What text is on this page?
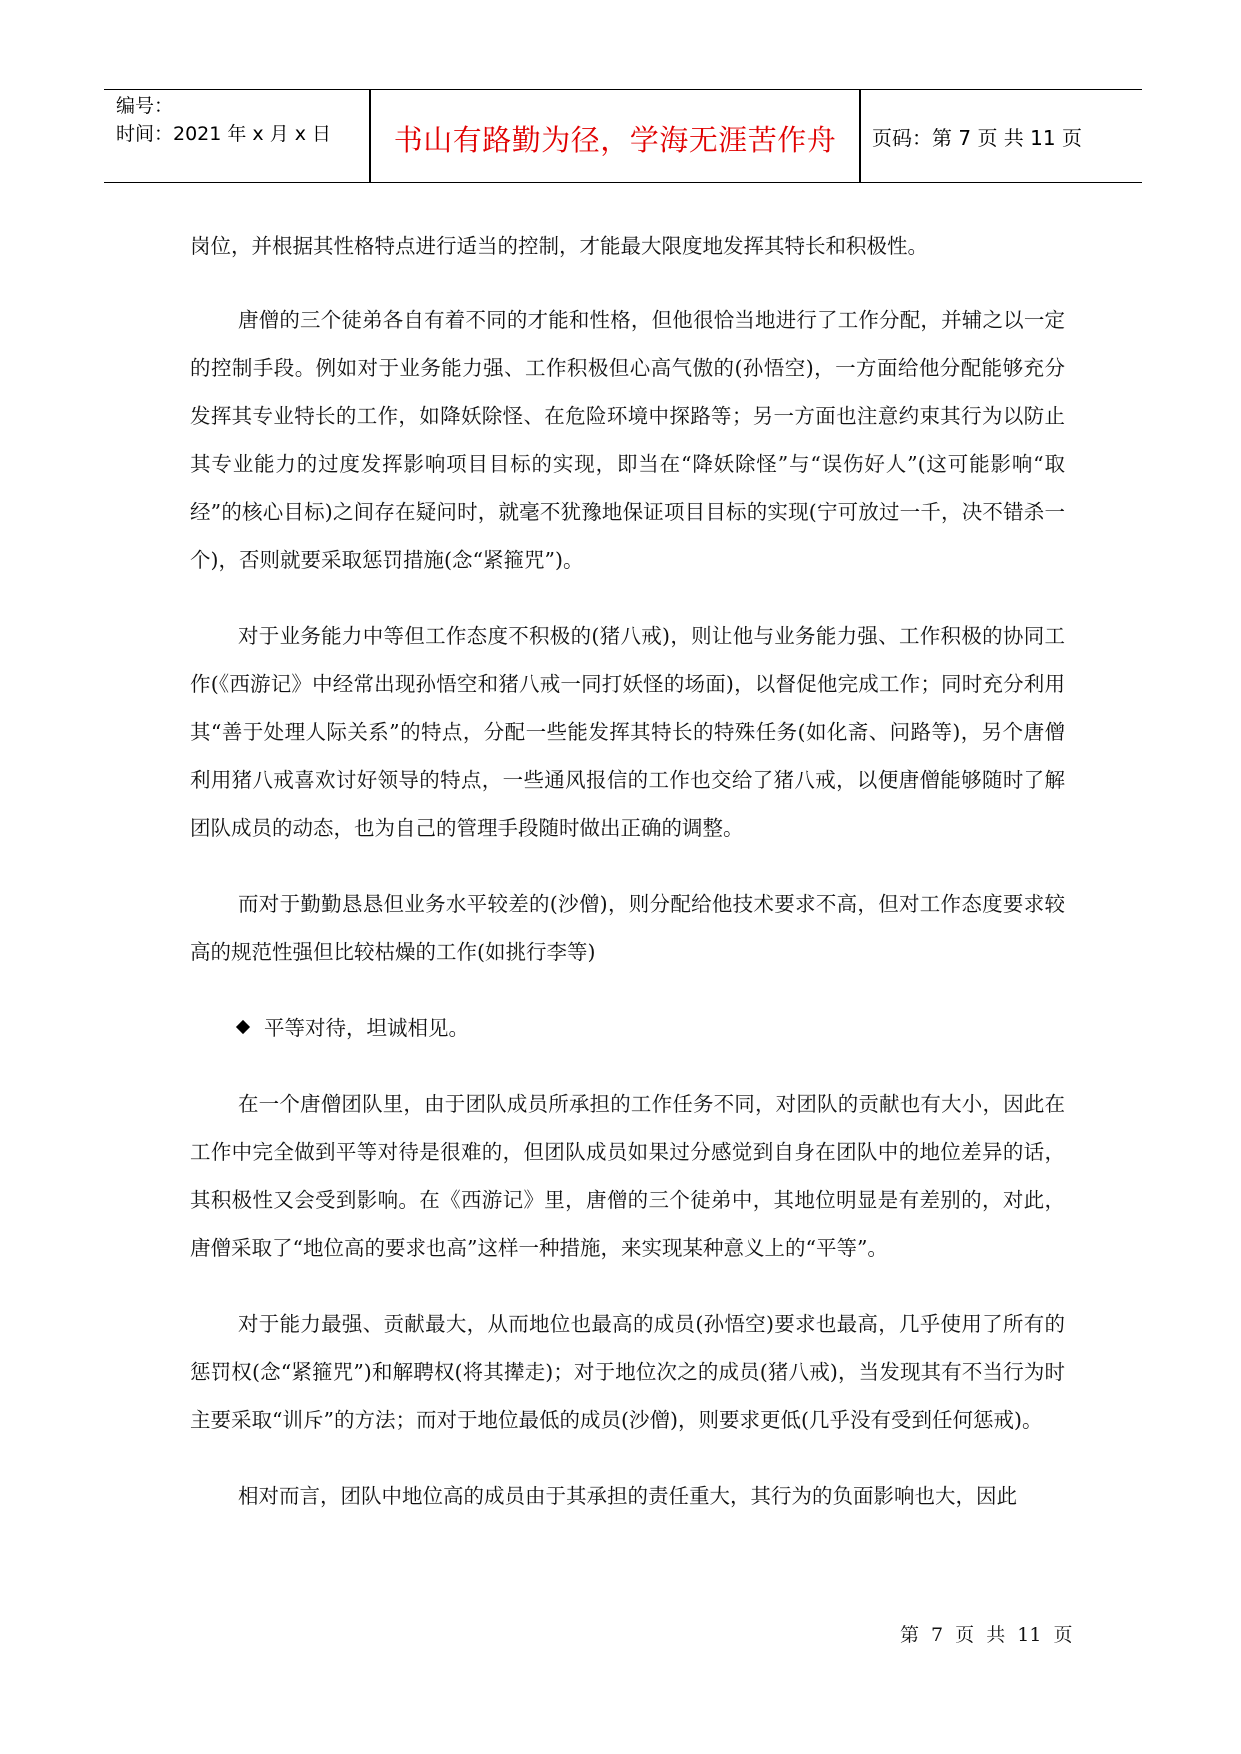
编号：
时间：2021 年 x 月 x 日	书山有路勤为径，学海无涯苦作舟	页码：第 7 页 共 11 页

岗位，并根据其性格特点进行适当的控制，才能最大限度地发挥其特长和积极性。

唐僧的三个徒弟各自有着不同的才能和性格，但他很恰当地进行了工作分配，并辅之以一定的控制手段。例如对于业务能力强、工作积极但心高气傲的(孙悟空)，一方面给他分配能够充分发挥其专业特长的工作，如降妖除怪、在危险环境中探路等；另一方面也注意约束其行为以防止其专业能力的过度发挥影响项目目标的实现，即当在“降妖除怪”与“误伤好人”(这可能影响“取经”的核心目标)之间存在疑问时，就毫不犹豫地保证项目目标的实现(宁可放过一千，决不错杀一个)，否则就要采取惩罚措施(念“紧箍咒”)。

对于业务能力中等但工作态度不积极的(猪八戒)，则让他与业务能力强、工作积极的协同工作(《西游记》中经常出现孙悟空和猪八戒一同打妖怪的场面)，以督促他完成工作；同时充分利用其“善于处理人际关系”的特点，分配一些能发挥其特长的特殊任务(如化斋、问路等)，另个唐僧利用猪八戒喜欢讨好领导的特点，一些通风报信的工作也交给了猪八戒，以便唐僧能够随时了解团队成员的动态，也为自己的管理手段随时做出正确的调整。

而对于勤勤恳恳但业务水平较差的(沙僧)，则分配给他技术要求不高，但对工作态度要求较高的规范性强但比较枯燥的工作(如挑行李等)

平等对待，坦诚相见。

在一个唐僧团队里，由于团队成员所承担的工作任务不同，对团队的贡献也有大小，因此在工作中完全做到平等对待是很难的，但团队成员如果过分感觉到自身在团队中的地位差异的话，其积极性又会受到影响。在《西游记》里，唐僧的三个徒弟中，其地位明显是有差别的，对此，唐僧采取了“地位高的要求也高”这样一种措施，来实现某种意义上的“平等”。

对于能力最强、贡献最大，从而地位也最高的成员(孙悟空)要求也最高，几乎使用了所有的惩罚权(念“紧箍咒”)和解聘权(将其撵走)；对于地位次之的成员(猪八戒)，当发现其有不当行为时主要采取“训斥”的方法；而对于地位最低的成员(沙僧)，则要求更低(几乎没有受到任何惩戒)。

相对而言，团队中地位高的成员由于其承担的责任重大，其行为的负面影响也大，因此

第 7 页 共 11 页
